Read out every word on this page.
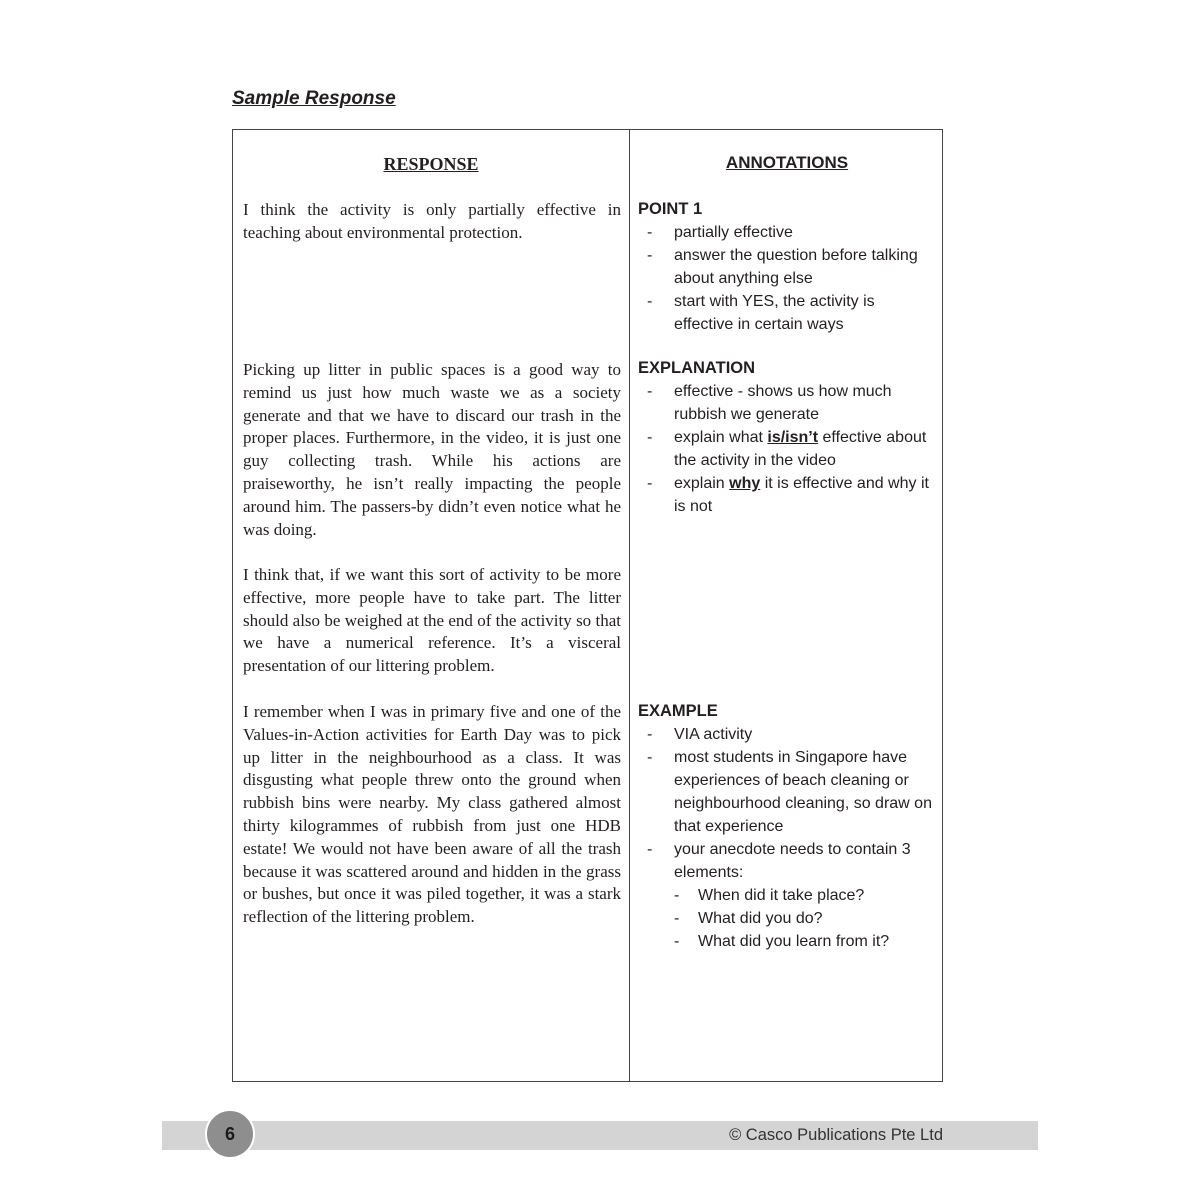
Sample Response
RESPONSE	ANNOTATIONS

I think the activity is only partially effective in teaching about environmental protection.

Picking up litter in public spaces is a good way to remind us just how much waste we as a society generate and that we have to discard our trash in the proper places. Furthermore, in the video, it is just one guy collecting trash. While his actions are praiseworthy, he isn’t really impacting the people around him. The passers-by didn’t even notice what he was doing.

I think that, if we want this sort of activity to be more effective, more people have to take part. The litter should also be weighed at the end of the activity so that we have a numerical reference. It’s a visceral presentation of our littering problem.

I remember when I was in primary five and one of the Values-in-Action activities for Earth Day was to pick up litter in the neighbourhood as a class. It was disgusting what people threw onto the ground when rubbish bins were nearby. My class gathered almost thirty kilogrammes of rubbish from just one HDB estate! We would not have been aware of all the trash because it was scattered around and hidden in the grass or bushes, but once it was piled together, it was a stark reflection of the littering problem.

POINT 1
- partially effective
- answer the question before talking about anything else
- start with YES, the activity is effective in certain ways
EXPLANATION
- effective - shows us how much rubbish we generate
- explain what is/isn’t effective about the activity in the video
- explain why it is effective and why it is not
EXAMPLE
- VIA activity
- most students in Singapore have experiences of beach cleaning or neighbourhood cleaning, so draw on that experience
- your anecdote needs to contain 3 elements:
- When did it take place?
- What did you do?
- What did you learn from it?
6	© Casco Publications Pte Ltd
